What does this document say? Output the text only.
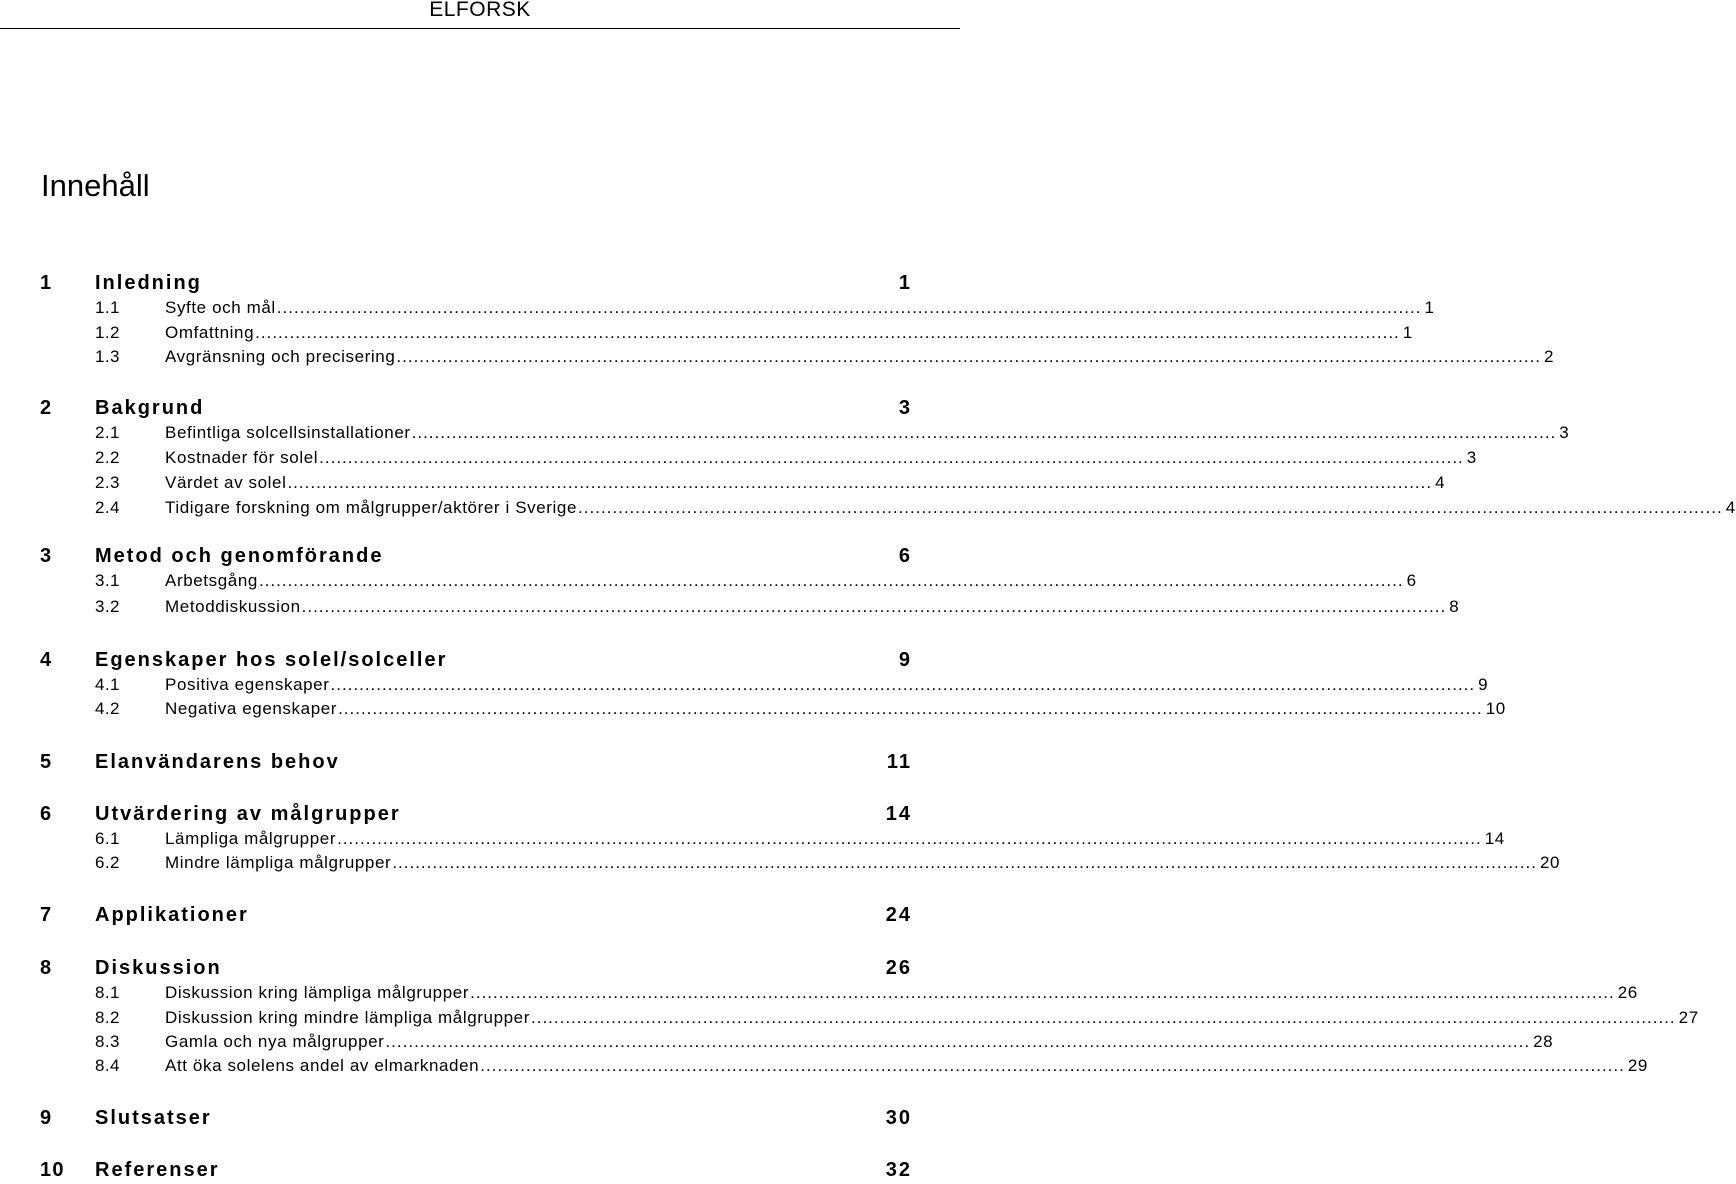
ELFORSK
Innehåll
1 Inledning	1
1.1	Syfte och mål ........................................................................................................................................................................................................ 1
1.2	Omfattning ........................................................................................................................................................................................................ 1
1.3	Avgränsning och precisering ........................................................................................................................................................................................................ 2
2 Bakgrund	3
2.1	Befintliga solcellsinstallationer ........................................................................................................................................................................................................ 3
2.2	Kostnader för solel ........................................................................................................................................................................................................ 3
2.3	Värdet av solel ........................................................................................................................................................................................................ 4
2.4	Tidigare forskning om målgrupper/aktörer i Sverige ........................................................................................................................................................................................................ 4
3 Metod och genomförande	6
3.1	Arbetsgång ........................................................................................................................................................................................................ 6
3.2	Metoddiskussion ........................................................................................................................................................................................................ 8
4 Egenskaper hos solel/solceller	9
4.1	Positiva egenskaper ........................................................................................................................................................................................................ 9
4.2	Negativa egenskaper ........................................................................................................................................................................................................ 10
5 Elanvändarens behov	11
6 Utvärdering av målgrupper	14
6.1	Lämpliga målgrupper ........................................................................................................................................................................................................ 14
6.2	Mindre lämpliga målgrupper ........................................................................................................................................................................................................ 20
7 Applikationer	24
8 Diskussion	26
8.1	Diskussion kring lämpliga målgrupper ........................................................................................................................................................................................................ 26
8.2	Diskussion kring mindre lämpliga målgrupper ........................................................................................................................................................................................................ 27
8.3	Gamla och nya målgrupper ........................................................................................................................................................................................................ 28
8.4	Att öka solelens andel av elmarknaden ........................................................................................................................................................................................................ 29
9 Slutsatser	30
10 Referenser	32
